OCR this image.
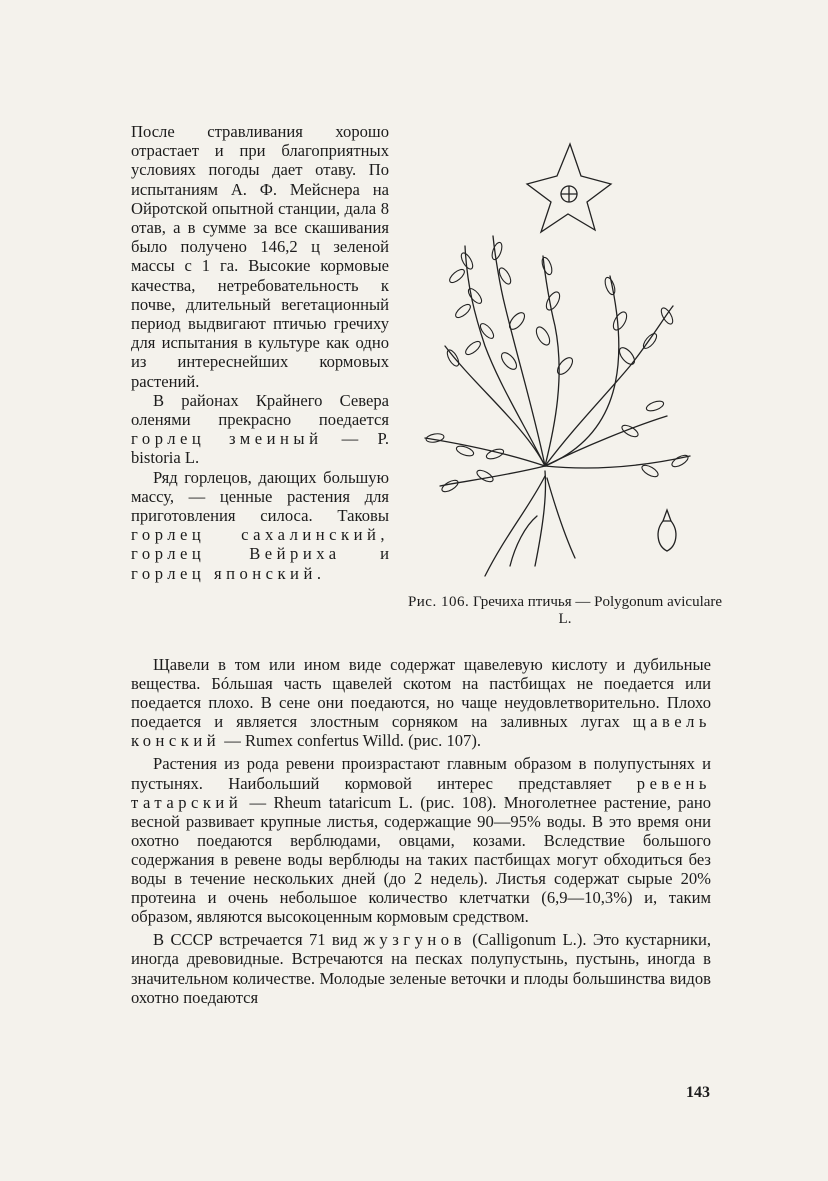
После стравливания хорошо отрастает и при благоприятных условиях погоды дает отаву. По испытаниям А. Ф. Мейснера на Ойротской опытной станции, дала 8 отав, а в сумме за все скашивания было получено 146,2 ц зеленой массы с 1 га. Высокие кормовые качества, нетребовательность к почве, длительный вегетационный период выдвигают птичью гречиху для испытания в культуре как одно из интереснейших кормовых растений.

В районах Крайнего Севера оленями прекрасно поедается горлец змеиный — P. bistoria L.

Ряд горлецов, дающих большую массу, — ценные растения для приготовления силоса. Таковы горлец сахалинский, горлец Вейриха и горлец японский.

Рис. 106. Гречиха птичья — Polygonum aviculare L.

Щавели в том или ином виде содержат щавелевую кислоту и дубильные вещества. Бóльшая часть щавелей скотом на пастбищах не поедается или поедается плохо. В сене они поедаются, но чаще неудовлетворительно. Плохо поедается и является злостным сорняком на заливных лугах щавель конский — Rumex confertus Willd. (рис. 107).

Растения из рода ревени произрастают главным образом в полупустынях и пустынях. Наибольший кормовой интерес представляет ревень татарский — Rheum tataricum L. (рис. 108). Многолетнее растение, рано весной развивает крупные листья, содержащие 90—95% воды. В это время они охотно поедаются верблюдами, овцами, козами. Вследствие большого содержания в ревене воды верблюды на таких пастбищах могут обходиться без воды в течение нескольких дней (до 2 недель). Листья содержат сырые 20% протеина и очень небольшое количество клетчатки (6,9—10,3%) и, таким образом, являются высокоценным кормовым средством.

В СССР встречается 71 вид жузгунов (Calligonum L.). Это кустарники, иногда древовидные. Встречаются на песках полупустынь, пустынь, иногда в значительном количестве. Молодые зеленые веточки и плоды большинства видов охотно поедаются

143
